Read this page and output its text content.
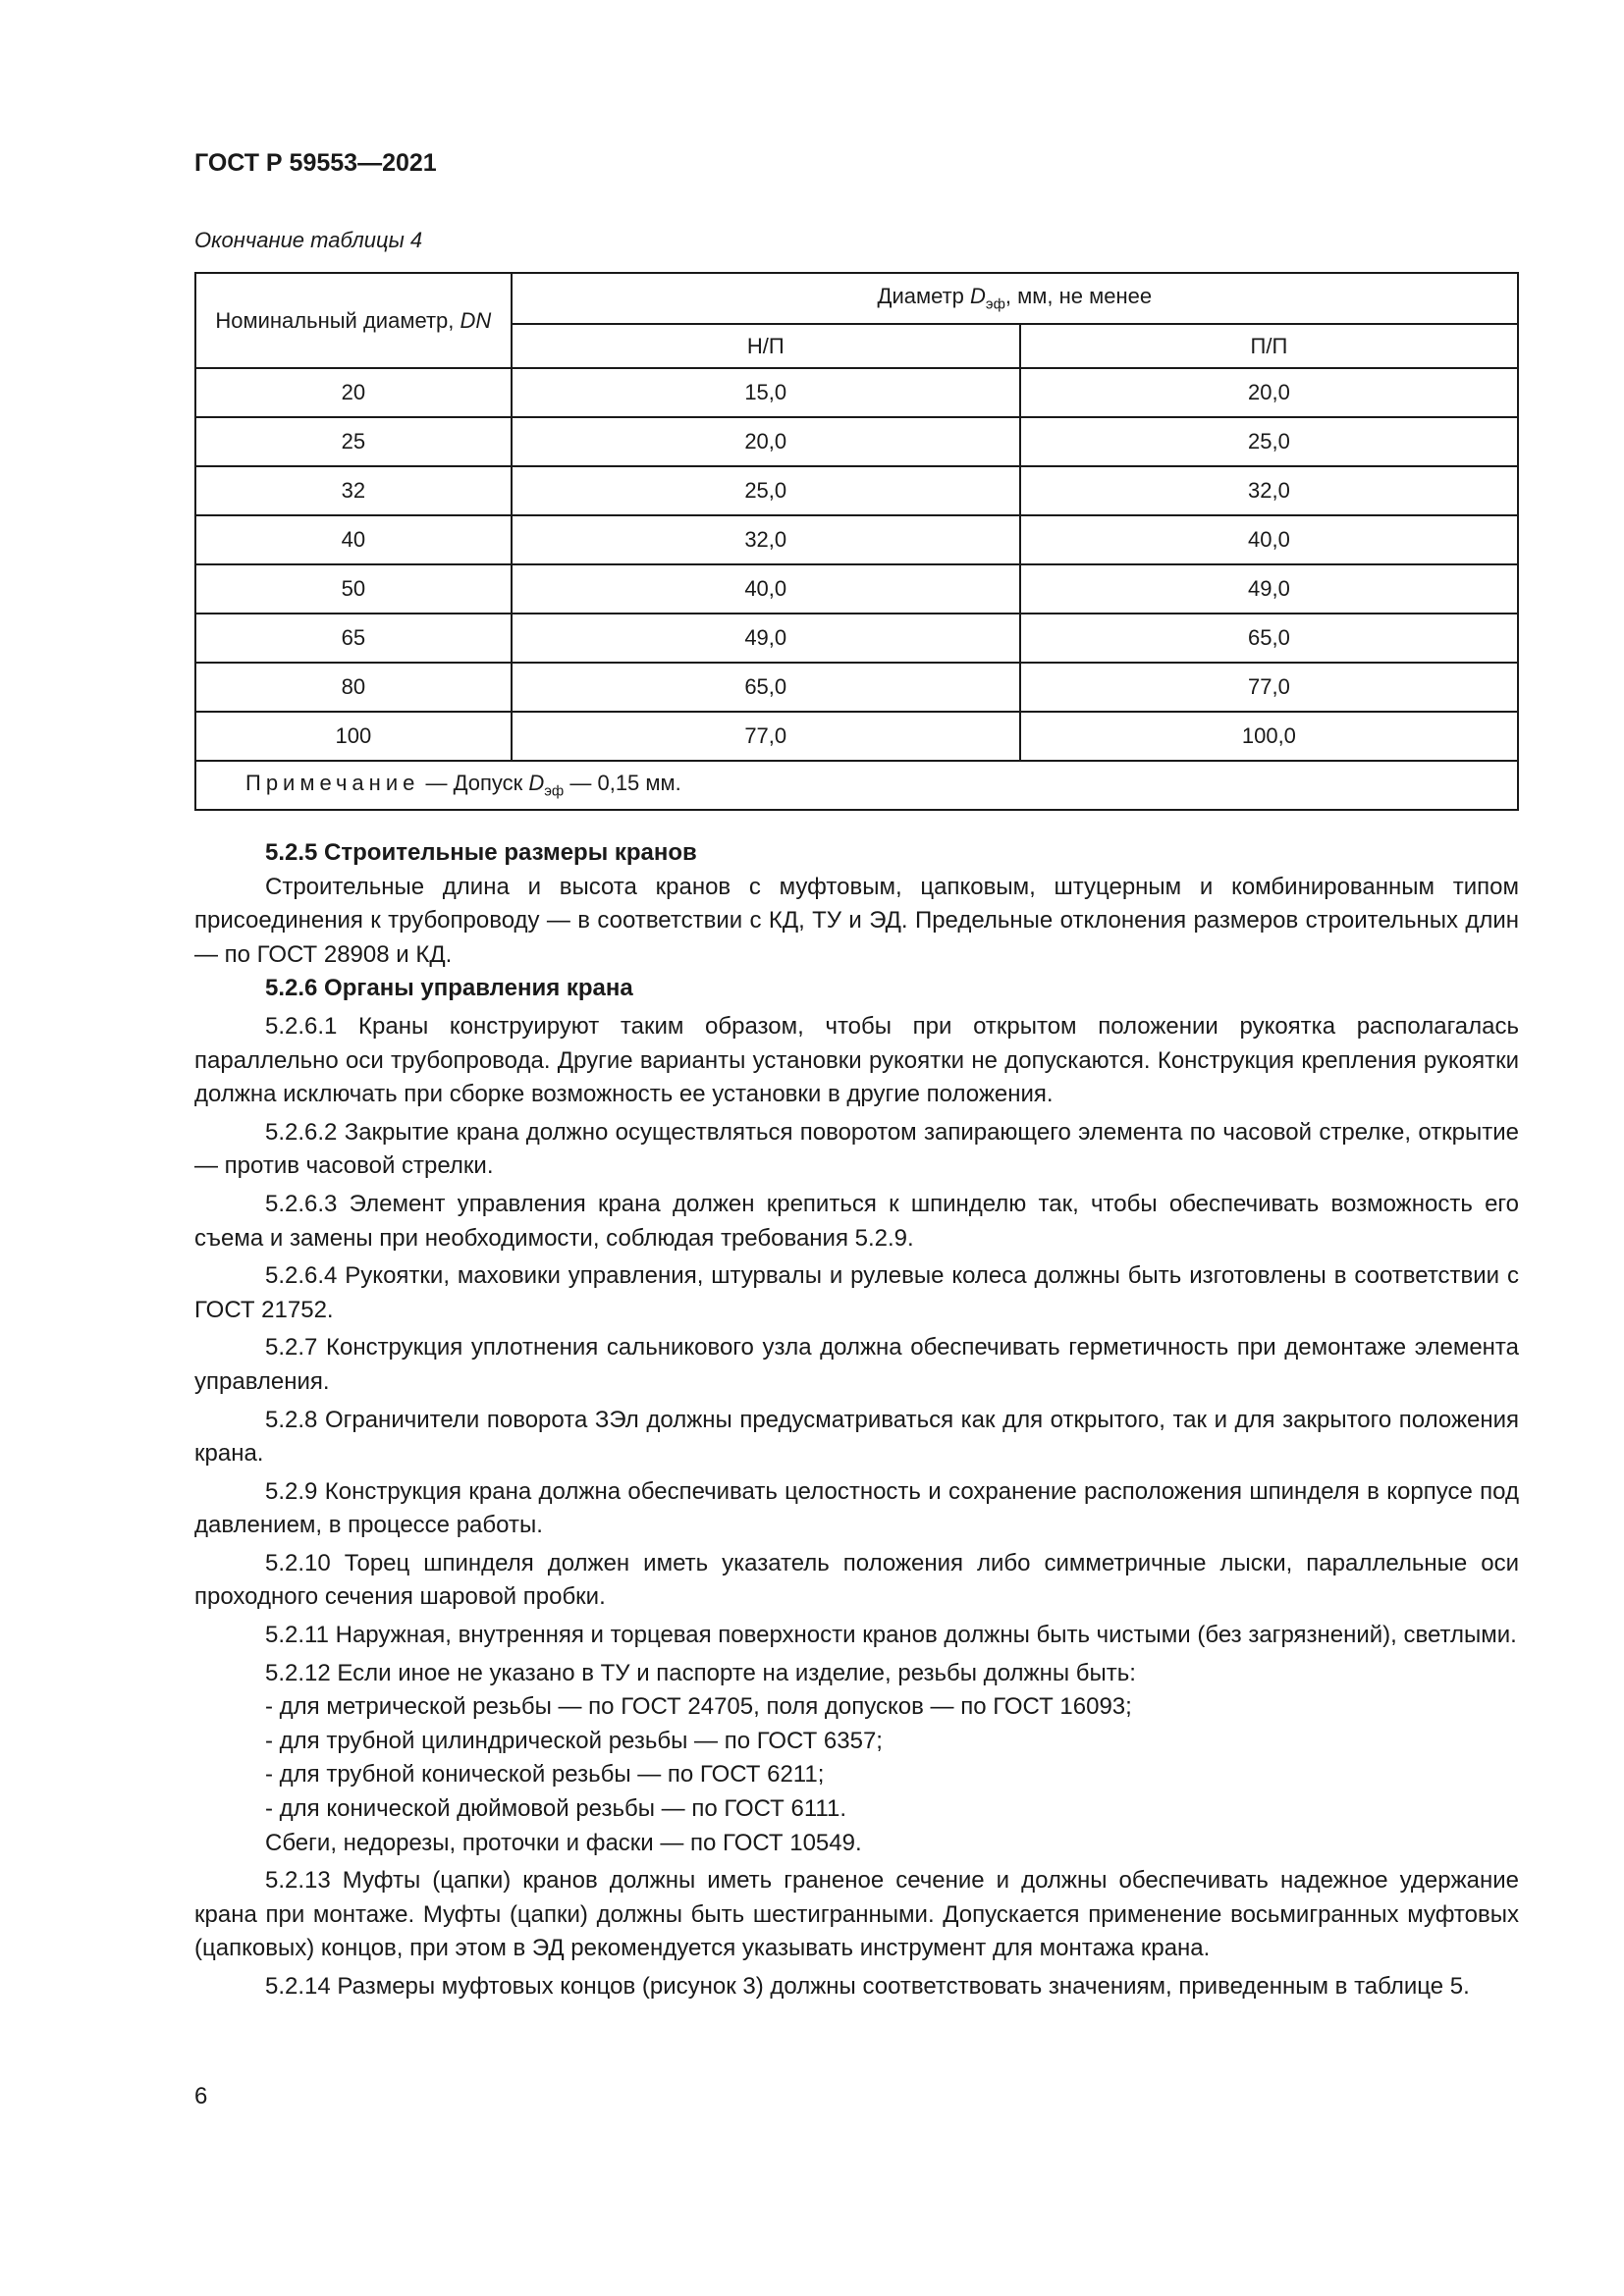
ГОСТ Р 59553—2021
Окончание таблицы 4
Номинальный диаметр, DN	Диаметр $D_{эф}$, мм, не менее	
	Н/П	П/П
20	15,0	20,0
25	20,0	25,0
32	25,0	32,0
40	32,0	40,0
50	40,0	49,0
65	49,0	65,0
80	65,0	77,0
100	77,0	100,0
Примечание — Допуск $D_{эф}$ — 0,15 мм.		

5.2.5 Строительные размеры кранов

Строительные длина и высота кранов с муфтовым, цапковым, штуцерным и комбинированным типом присоединения к трубопроводу — в соответствии с КД, ТУ и ЭД. Предельные отклонения размеров строительных длин — по ГОСТ 28908 и КД.

5.2.6 Органы управления крана

5.2.6.1 Краны конструируют таким образом, чтобы при открытом положении рукоятка располагалась параллельно оси трубопровода. Другие варианты установки рукоятки не допускаются. Конструкция крепления рукоятки должна исключать при сборке возможность ее установки в другие положения.

5.2.6.2 Закрытие крана должно осуществляться поворотом запирающего элемента по часовой стрелке, открытие — против часовой стрелки.

5.2.6.3 Элемент управления крана должен крепиться к шпинделю так, чтобы обеспечивать возможность его съема и замены при необходимости, соблюдая требования 5.2.9.

5.2.6.4 Рукоятки, маховики управления, штурвалы и рулевые колеса должны быть изготовлены в соответствии с ГОСТ 21752.

5.2.7 Конструкция уплотнения сальникового узла должна обеспечивать герметичность при демонтаже элемента управления.

5.2.8 Ограничители поворота ЗЭл должны предусматриваться как для открытого, так и для закрытого положения крана.

5.2.9 Конструкция крана должна обеспечивать целостность и сохранение расположения шпинделя в корпусе под давлением, в процессе работы.

5.2.10 Торец шпинделя должен иметь указатель положения либо симметричные лыски, параллельные оси проходного сечения шаровой пробки.

5.2.11 Наружная, внутренняя и торцевая поверхности кранов должны быть чистыми (без загрязнений), светлыми.

5.2.12 Если иное не указано в ТУ и паспорте на изделие, резьбы должны быть:

- для метрической резьбы — по ГОСТ 24705, поля допусков — по ГОСТ 16093;

- для трубной цилиндрической резьбы — по ГОСТ 6357;

- для трубной конической резьбы — по ГОСТ 6211;

- для конической дюймовой резьбы — по ГОСТ 6111.

Сбеги, недорезы, проточки и фаски — по ГОСТ 10549.

5.2.13 Муфты (цапки) кранов должны иметь граненое сечение и должны обеспечивать надежное удержание крана при монтаже. Муфты (цапки) должны быть шестигранными. Допускается применение восьмигранных муфтовых (цапковых) концов, при этом в ЭД рекомендуется указывать инструмент для монтажа крана.

5.2.14 Размеры муфтовых концов (рисунок 3) должны соответствовать значениям, приведенным в таблице 5.

6
